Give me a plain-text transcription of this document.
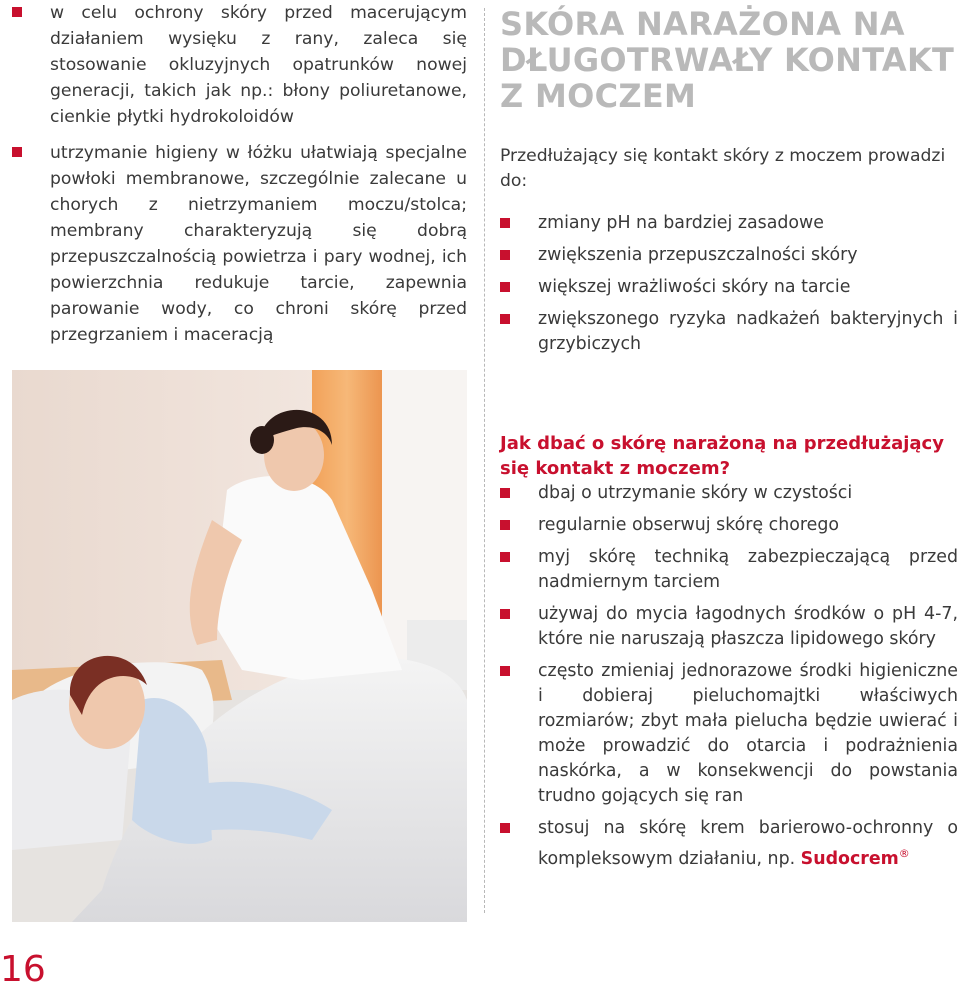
w celu ochrony skóry przed macerującym działaniem wysięku z rany, zaleca się stosowanie okluzyjnych opatrunków nowej generacji, takich jak np.: błony poliuretanowe, cienkie płytki hydrokoloidów
utrzymanie higieny w łóżku ułatwiają specjalne powłoki membranowe, szczególnie zalecane u chorych z nietrzymaniem moczu/stolca; membrany charakteryzują się dobrą przepuszczalnością powietrza i pary wodnej, ich powierzchnia redukuje tarcie, zapewnia parowanie wody, co chroni skórę przed przegrzaniem i maceracją
SKÓRA NARAŻONA NA
DŁUGOTRWAŁY KONTAKT
Z MOCZEM

Przedłużający się kontakt skóry z moczem prowadzi do:

zmiany pH na bardziej zasadowe
zwiększenia przepuszczalności skóry
większej wrażliwości skóry na tarcie
zwiększonego ryzyka nadkażeń bakteryjnych i grzybiczych
Jak dbać o skórę narażoną na przedłużający się kontakt z moczem?
dbaj o utrzymanie skóry w czystości
regularnie obserwuj skórę chorego
myj skórę techniką zabezpieczającą przed nadmiernym tarciem
używaj do mycia łagodnych środków o pH 4-7, które nie naruszają płaszcza lipidowego skóry
często zmieniaj jednorazowe środki higieniczne i dobieraj pieluchomajtki właściwych rozmiarów; zbyt mała pielucha będzie uwierać i może prowadzić do otarcia i podrażnienia naskórka, a w konsekwencji do powstania trudno gojących się ran
stosuj na skórę krem barierowo-ochronny o kompleksowym działaniu, np. Sudocrem®
16
